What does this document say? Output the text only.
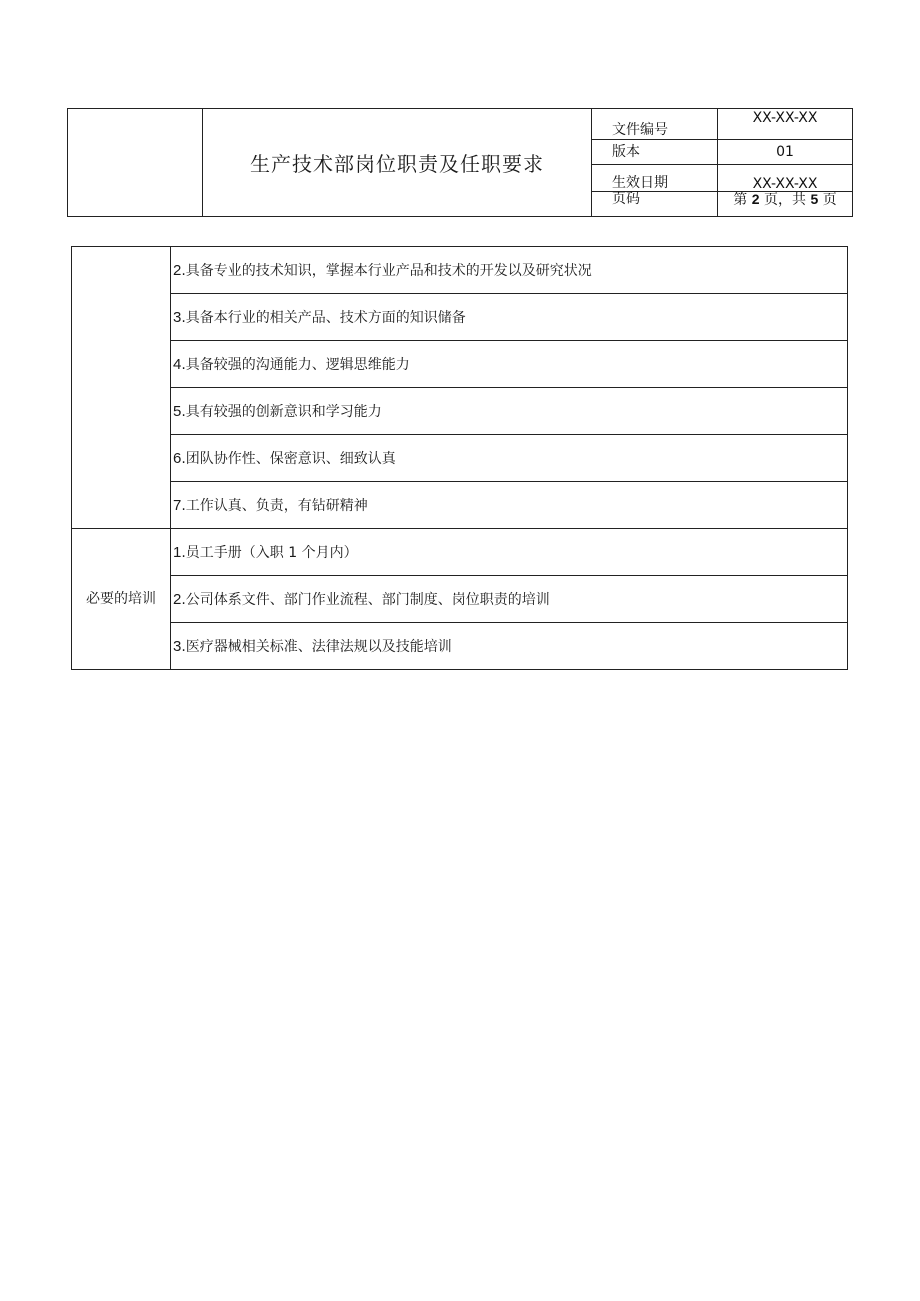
	生产技术部岗位职责及任职要求	文件编号	XX-XX-XX
		版本	01
		生效日期	XX-XX-XX
		页码	第 2 页，共 5 页
	2.具备专业的技术知识，掌握本行业产品和技术的开发以及研究状况
	3.具备本行业的相关产品、技术方面的知识储备
	4.具备较强的沟通能力、逻辑思维能力
	5.具有较强的创新意识和学习能力
	6.团队协作性、保密意识、细致认真
	7.工作认真、负责，有钻研精神
必要的培训	1.员工手册（入职 1 个月内）
	2.公司体系文件、部门作业流程、部门制度、岗位职责的培训
	3.医疗器械相关标准、法律法规以及技能培训
